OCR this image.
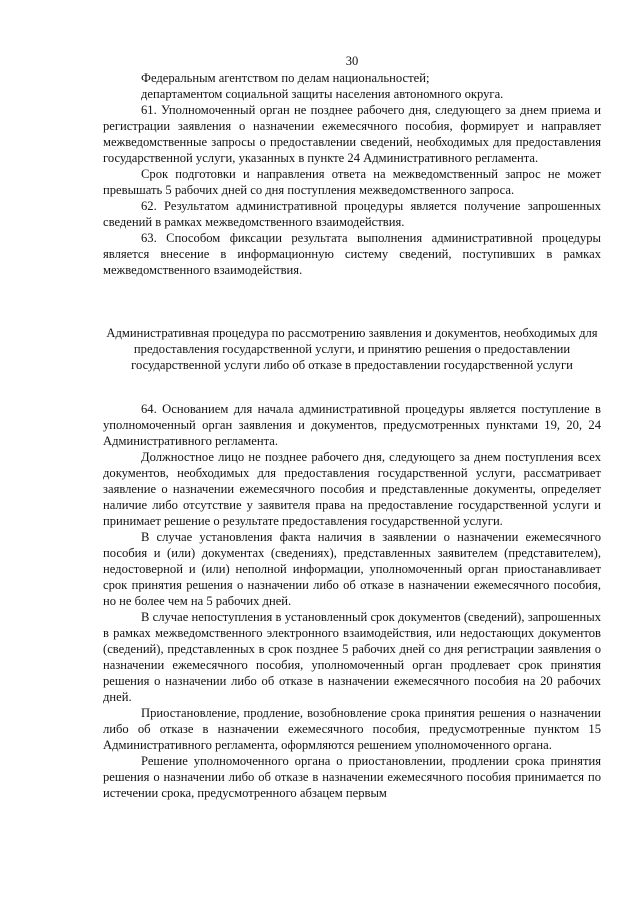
30

Федеральным агентством по делам национальностей;

департаментом социальной защиты населения автономного округа.

61. Уполномоченный орган не позднее рабочего дня, следующего за днем приема и регистрации заявления о назначении ежемесячного пособия, формирует и направляет межведомственные запросы о предоставлении сведений, необходимых для предоставления государственной услуги, указанных в пункте 24 Административного регламента.

Срок подготовки и направления ответа на межведомственный запрос не может превышать 5 рабочих дней со дня поступления межведомственного запроса.

62. Результатом административной процедуры является получение запрошенных сведений в рамках межведомственного взаимодействия.

63. Способом фиксации результата выполнения административной процедуры является внесение в информационную систему сведений, поступивших в рамках межведомственного взаимодействия.

Административная процедура по рассмотрению заявления и документов, необходимых для предоставления государственной услуги, и принятию решения о предоставлении государственной услуги либо об отказе в предоставлении государственной услуги

64. Основанием для начала административной процедуры является поступление в уполномоченный орган заявления и документов, предусмотренных пунктами 19, 20, 24 Административного регламента.

Должностное лицо не позднее рабочего дня, следующего за днем поступления всех документов, необходимых для предоставления государственной услуги, рассматривает заявление о назначении ежемесячного пособия и представленные документы, определяет наличие либо отсутствие у заявителя права на предоставление государственной услуги и принимает решение о результате предоставления государственной услуги.

В случае установления факта наличия в заявлении о назначении ежемесячного пособия и (или) документах (сведениях), представленных заявителем (представителем), недостоверной и (или) неполной информации, уполномоченный орган приостанавливает срок принятия решения о назначении либо об отказе в назначении ежемесячного пособия, но не более чем на 5 рабочих дней.

В случае непоступления в установленный срок документов (сведений), запрошенных в рамках межведомственного электронного взаимодействия, или недостающих документов (сведений), представленных в срок позднее 5 рабочих дней со дня регистрации заявления о назначении ежемесячного пособия, уполномоченный орган продлевает срок принятия решения о назначении либо об отказе в назначении ежемесячного пособия на 20 рабочих дней.

Приостановление, продление, возобновление срока принятия решения о назначении либо об отказе в назначении ежемесячного пособия, предусмотренные пунктом 15 Административного регламента, оформляются решением уполномоченного органа.

Решение уполномоченного органа о приостановлении, продлении срока принятия решения о назначении либо об отказе в назначении ежемесячного пособия принимается по истечении срока, предусмотренного абзацем первым
